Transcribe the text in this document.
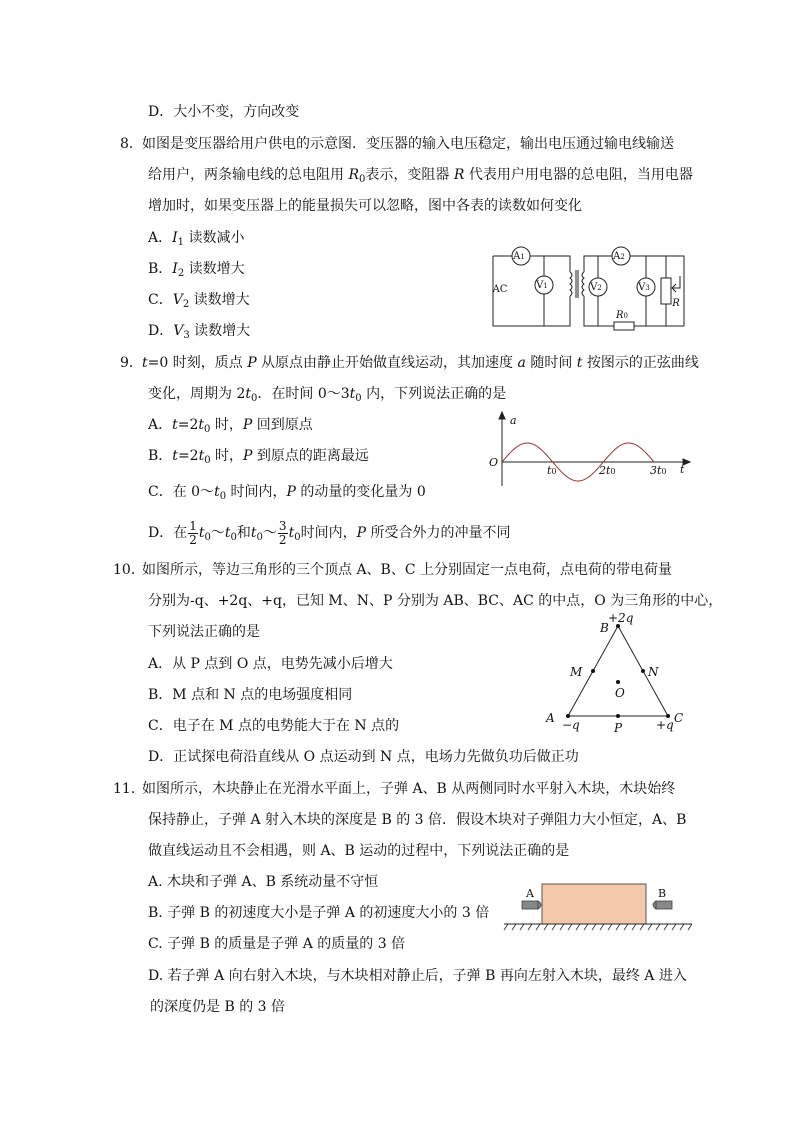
D．大小不变，方向改变
8． 如图是变压器给用户供电的示意图．变压器的输入电压稳定，输出电压通过输电线输送
给用户，两条输电线的总电阻用 $R_0$表示，变阻器 R 代表用户用电器的总电阻，当用电器
增加时，如果变压器上的能量损失可以忽略，图中各表的读数如何变化
A．$I_1$ 读数减小
B．$I_2$ 读数增大
C．$V_2$ 读数增大
D．$V_3$ 读数增大
AC
A1
V1
A2
V2	V3
R
R0
9． t=0 时刻，质点 P 从原点由静止开始做直线运动，其加速度 a 随时间 t 按图示的正弦曲线
变化，周期为 $2t_0$．在时间 $0\sim 3t_0$ 内，下列说法正确的是
A．$t=2t_0$ 时，P 回到原点
B．$t=2t_0$ 时，P 到原点的距离最远
C．在 $0\sim t_0$ 时间内，P 的动量的变化量为 0
D．在 $\frac{1}{2}$ $t_0\sim t_0$和$t_0\sim \frac{3}{2} t_0$时间内，P 所受合外力的冲量不同
a
O
t
t0	2t0	3t0
10．
如图所示，等边三角形的三个顶点 A、B、C 上分别固定一点电荷，点电荷的带电荷量
分别为-q、+2q、+q，已知 M、N、P 分别为 AB、BC、AC 的中点，O 为三角形的中心，
下列说法正确的是
A．从 P 点到 O 点，电势先减小后增大
B．M 点和 N 点的电场强度相同
C．电子在 M 点的电势能大于在 N 点的
D．正试探电荷沿直线从 O 点运动到 N 点，电场力先做负功后做正功
B
+2q
M	N
O
A −q	P
C
+q
11．
如图所示，木块静止在光滑水平面上，子弹 A、B 从两侧同时水平射入木块，木块始终
保持静止，子弹 A 射入木块的深度是 B 的 3 倍．假设木块对子弹阻力大小恒定，A、B
做直线运动且不会相遇，则 A、B 运动的过程中，下列说法正确的是
A. 木块和子弹 A、B 系统动量不守恒
B. 子弹 B 的初速度大小是子弹 A 的初速度大小的 3 倍
C. 子弹 B 的质量是子弹 A 的质量的 3 倍
D. 若子弹 A 向右射入木块，与木块相对静止后，子弹 B 再向左射入木块，最终 A 进入
的深度仍是 B 的 3 倍
A	B
